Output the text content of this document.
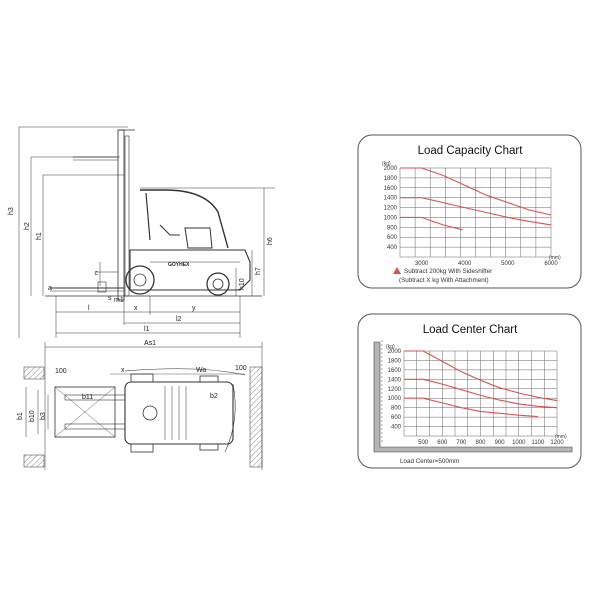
h3
h2
h1
h6
h7
h10
c
a
s m1
l	x	y
l2
l1
GOYHEX
As1
Wa
x
b1 b10 b3
b11	b2
100	100
Load Capacity Chart
400
600
800
1000
1200
1400
1600
1800
2000
3000	4000	5000	6000
(kg)
(mm)
Subtract 200kg With Sideshifter
(Subtract X kg With Attachment)
Load Center Chart
400
600
800
1000
1200
1400
1600
1800
2000
500 600 700 800 900 1000 1100 1200
(kg)
(mm)
Load Center=500mm
